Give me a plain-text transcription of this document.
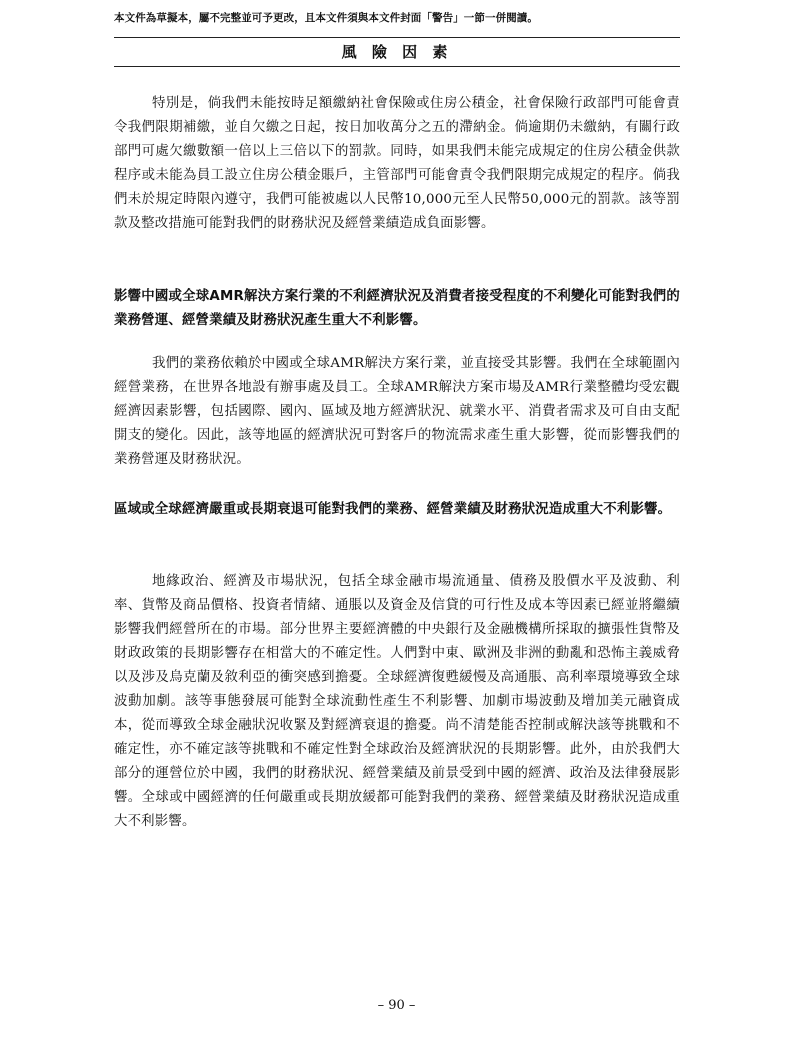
本文件為草擬本，屬不完整並可予更改，且本文件須與本文件封面「警告」一節一併閱讀。
風 險 因 素

特別是，倘我們未能按時足額繳納社會保險或住房公積金，社會保險行政部門可能會責令我們限期補繳，並自欠繳之日起，按日加收萬分之五的滯納金。倘逾期仍未繳納，有關行政部門可處欠繳數額一倍以上三倍以下的罰款。同時，如果我們未能完成規定的住房公積金供款程序或未能為員工設立住房公積金賬戶，主管部門可能會責令我們限期完成規定的程序。倘我們未於規定時限內遵守，我們可能被處以人民幣10,000元至人民幣50,000元的罰款。該等罰款及整改措施可能對我們的財務狀況及經營業績造成負面影響。

影響中國或全球AMR解決方案行業的不利經濟狀況及消費者接受程度的不利變化可能對我們的業務營運、經營業績及財務狀況產生重大不利影響。

我們的業務依賴於中國或全球AMR解決方案行業，並直接受其影響。我們在全球範圍內經營業務，在世界各地設有辦事處及員工。全球AMR解決方案市場及AMR行業整體均受宏觀經濟因素影響，包括國際、國內、區域及地方經濟狀況、就業水平、消費者需求及可自由支配開支的變化。因此，該等地區的經濟狀況可對客戶的物流需求產生重大影響，從而影響我們的業務營運及財務狀況。

區域或全球經濟嚴重或長期衰退可能對我們的業務、經營業績及財務狀況造成重大不利影響。

地緣政治、經濟及市場狀況，包括全球金融市場流通量、債務及股價水平及波動、利率、貨幣及商品價格、投資者情緒、通脹以及資金及信貸的可行性及成本等因素已經並將繼續影響我們經營所在的市場。部分世界主要經濟體的中央銀行及金融機構所採取的擴張性貨幣及財政政策的長期影響存在相當大的不確定性。人們對中東、歐洲及非洲的動亂和恐怖主義威脅以及涉及烏克蘭及敘利亞的衝突感到擔憂。全球經濟復甦緩慢及高通脹、高利率環境導致全球波動加劇。該等事態發展可能對全球流動性產生不利影響、加劇市場波動及增加美元融資成本，從而導致全球金融狀況收緊及對經濟衰退的擔憂。尚不清楚能否控制或解決該等挑戰和不確定性，亦不確定該等挑戰和不確定性對全球政治及經濟狀況的長期影響。此外，由於我們大部分的運營位於中國，我們的財務狀況、經營業績及前景受到中國的經濟、政治及法律發展影響。全球或中國經濟的任何嚴重或長期放緩都可能對我們的業務、經營業績及財務狀況造成重大不利影響。

– 90 –
